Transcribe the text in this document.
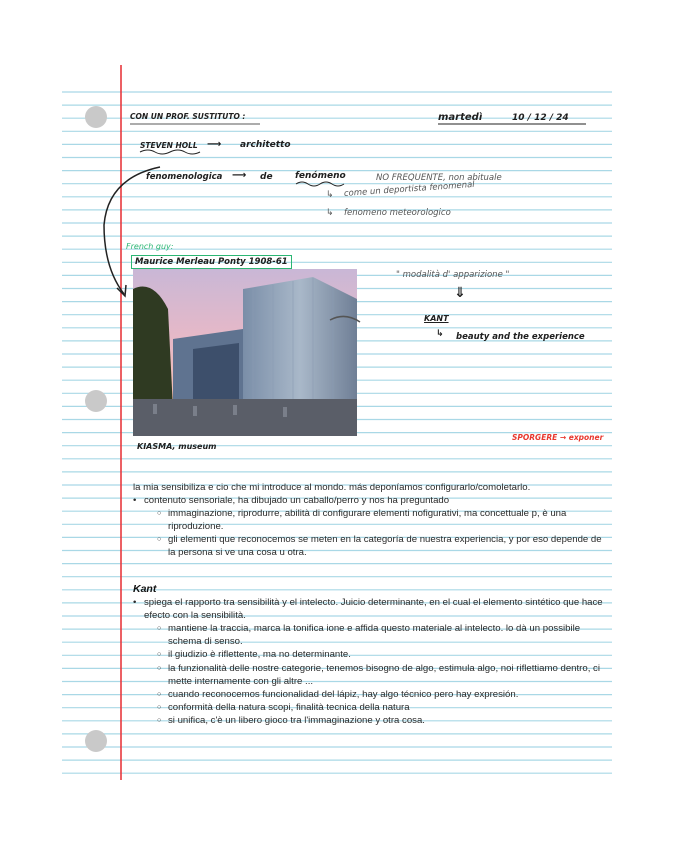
CON UN PROF. SUSTITUTO :	martedì	10 / 12 / 24
STEVEN HOLL ⟶ architetto
fenomenologica ⟶ de fenómeno	NO FREQUENTE, non abituale
↳ come un deportista fenomenal
↳ fenomeno meteorologico
French guy:
Maurice Merleau Ponty 1908-61
" modalità d' apparizione "
⇓
KANT
↳ beauty and the experience
KIASMA, museum
SPORGERE → exponer

la mia sensibiliza e cio che mi introduce al mondo. más deponíamos configurarlo/comoletarlo.

• contenuto sensoriale, ha dibujado un caballo/perro y nos ha preguntado

○ immaginazione, riprodurre, abilità di configurare elementi nofigurativi, ma concettuale p, è una riproduzione.

○ gli elementi que reconocemos se meten en la categoría de nuestra experiencia, y por eso depende de la persona si ve una cosa u otra.

Kant

• spiega el rapporto tra sensibilità y el intelecto. Juicio determinante, en el cual el elemento sintético que hace efecto con la sensibilità.

○ mantiene la traccia, marca la tonifica ione e affida questo materiale al intelecto. lo dà un possibile schema di senso.

○ il giudizio è riflettente, ma no determinante.

○ la funzionalità delle nostre categorie, tenemos bisogno de algo, estimula algo, noi riflettiamo dentro, ci mette internamente con gli altre ...

○ cuando reconocemos funcionalidad del lápiz, hay algo técnico pero hay expresión.

○ conformità della natura scopi, finalità tecnica della natura

○ si unifica, c'è un libero gioco tra l'immaginazione y otra cosa.
